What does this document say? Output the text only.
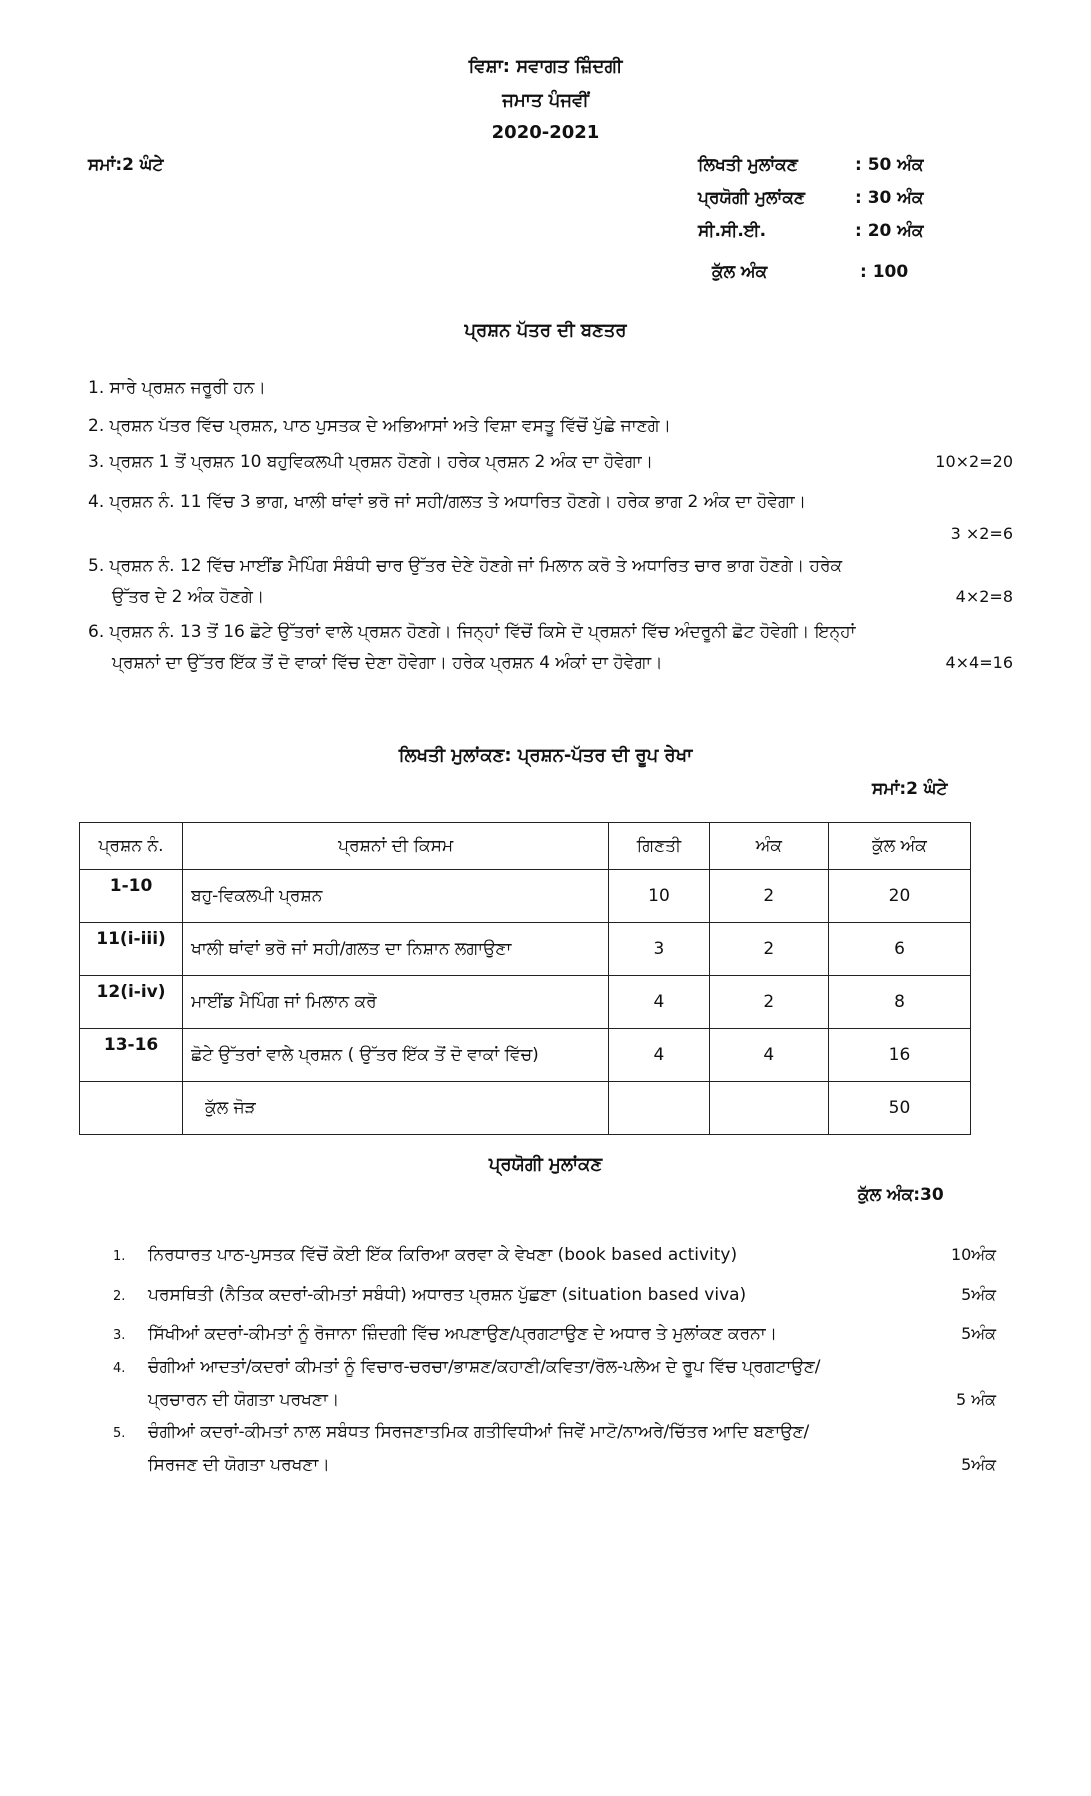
ਵਿਸ਼ਾ: ਸਵਾਗਤ ਜ਼ਿੰਦਗੀ
ਜਮਾਤ ਪੰਜਵੀਂ
2020-2021
ਸਮਾਂ:2 ਘੰਟੇ	ਲਿਖਤੀ ਮੁਲਾਂਕਣ	: 50 ਅੰਕ
ਪ੍ਰਯੋਗੀ ਮੁਲਾਂਕਣ	: 30 ਅੰਕ
ਸੀ.ਸੀ.ਈ.	: 20 ਅੰਕ
ਕੁੱਲ ਅੰਕ	: 100
ਪ੍ਰਸ਼ਨ ਪੱਤਰ ਦੀ ਬਣਤਰ
1. ਸਾਰੇ ਪ੍ਰਸ਼ਨ ਜਰੂਰੀ ਹਨ।
2. ਪ੍ਰਸ਼ਨ ਪੱਤਰ ਵਿੱਚ ਪ੍ਰਸ਼ਨ, ਪਾਠ ਪੁਸਤਕ ਦੇ ਅਭਿਆਸਾਂ ਅਤੇ ਵਿਸ਼ਾ ਵਸਤੂ ਵਿੱਚੋਂ ਪੁੱਛੇ ਜਾਣਗੇ।
3. ਪ੍ਰਸ਼ਨ 1 ਤੋਂ ਪ੍ਰਸ਼ਨ 10 ਬਹੁਵਿਕਲਪੀ ਪ੍ਰਸ਼ਨ ਹੋਣਗੇ। ਹਰੇਕ ਪ੍ਰਸ਼ਨ 2 ਅੰਕ ਦਾ ਹੋਵੇਗਾ।	10×2=20
4. ਪ੍ਰਸ਼ਨ ਨੰ. 11 ਵਿੱਚ 3 ਭਾਗ, ਖਾਲੀ ਥਾਂਵਾਂ ਭਰੋ ਜਾਂ ਸਹੀ/ਗਲਤ ਤੇ ਅਧਾਰਿਤ ਹੋਣਗੇ। ਹਰੇਕ ਭਾਗ 2 ਅੰਕ ਦਾ ਹੋਵੇਗਾ।
3 ×2=6
5. ਪ੍ਰਸ਼ਨ ਨੰ. 12 ਵਿੱਚ ਮਾਈਂਡ ਮੈਪਿੰਗ ਸੰਬੰਧੀ ਚਾਰ ਉੱਤਰ ਦੇਣੇ ਹੋਣਗੇ ਜਾਂ ਮਿਲਾਨ ਕਰੋ ਤੇ ਅਧਾਰਿਤ ਚਾਰ ਭਾਗ ਹੋਣਗੇ। ਹਰੇਕ
ਉੱਤਰ ਦੇ 2 ਅੰਕ ਹੋਣਗੇ।	4×2=8
6. ਪ੍ਰਸ਼ਨ ਨੰ. 13 ਤੋਂ 16 ਛੋਟੇ ਉੱਤਰਾਂ ਵਾਲੇ ਪ੍ਰਸ਼ਨ ਹੋਣਗੇ। ਜਿਨ੍ਹਾਂ ਵਿੱਚੋਂ ਕਿਸੇ ਦੋ ਪ੍ਰਸ਼ਨਾਂ ਵਿੱਚ ਅੰਦਰੂਨੀ ਛੋਟ ਹੋਵੇਗੀ। ਇਨ੍ਹਾਂ
ਪ੍ਰਸ਼ਨਾਂ ਦਾ ਉੱਤਰ ਇੱਕ ਤੋਂ ਦੋ ਵਾਕਾਂ ਵਿੱਚ ਦੇਣਾ ਹੋਵੇਗਾ। ਹਰੇਕ ਪ੍ਰਸ਼ਨ 4 ਅੰਕਾਂ ਦਾ ਹੋਵੇਗਾ।	4×4=16
ਲਿਖਤੀ ਮੁਲਾਂਕਣ: ਪ੍ਰਸ਼ਨ-ਪੱਤਰ ਦੀ ਰੂਪ ਰੇਖਾ
ਸਮਾਂ:2 ਘੰਟੇ
ਪ੍ਰਸ਼ਨ ਨੰ.	ਪ੍ਰਸ਼ਨਾਂ ਦੀ ਕਿਸਮ	ਗਿਣਤੀ	ਅੰਕ	ਕੁੱਲ ਅੰਕ
1-10	ਬਹੁ-ਵਿਕਲਪੀ ਪ੍ਰਸ਼ਨ	10	2	20
11(i-iii)	ਖਾਲੀ ਥਾਂਵਾਂ ਭਰੋ ਜਾਂ ਸਹੀ/ਗਲਤ ਦਾ ਨਿਸ਼ਾਨ ਲਗਾਉਣਾ	3	2	6
12(i-iv)	ਮਾਈਂਡ ਮੈਪਿੰਗ ਜਾਂ ਮਿਲਾਨ ਕਰੋ	4	2	8
13-16	ਛੋਟੇ ਉੱਤਰਾਂ ਵਾਲੇ ਪ੍ਰਸ਼ਨ ( ਉੱਤਰ ਇੱਕ ਤੋਂ ਦੋ ਵਾਕਾਂ ਵਿੱਚ)	4	4	16
	ਕੁੱਲ ਜੋੜ			50
ਪ੍ਰਯੋਗੀ ਮੁਲਾਂਕਣ
ਕੁੱਲ ਅੰਕ:30
1. ਨਿਰਧਾਰਤ ਪਾਠ-ਪੁਸਤਕ ਵਿੱਚੋਂ ਕੋਈ ਇੱਕ ਕਿਰਿਆ ਕਰਵਾ ਕੇ ਵੇਖਣਾ (book based activity)	10ਅੰਕ
2. ਪਰਸਥਿਤੀ (ਨੈਤਿਕ ਕਦਰਾਂ-ਕੀਮਤਾਂ ਸਬੰਧੀ) ਅਧਾਰਤ ਪ੍ਰਸ਼ਨ ਪੁੱਛਣਾ (situation based viva)	5ਅੰਕ
3. ਸਿੱਖੀਆਂ ਕਦਰਾਂ-ਕੀਮਤਾਂ ਨੂੰ ਰੋਜਾਨਾ ਜ਼ਿੰਦਗੀ ਵਿੱਚ ਅਪਣਾਉਣ/ਪ੍ਰਗਟਾਉਣ ਦੇ ਅਧਾਰ ਤੇ ਮੁਲਾਂਕਣ ਕਰਨਾ।	5ਅੰਕ
4. ਚੰਗੀਆਂ ਆਦਤਾਂ/ਕਦਰਾਂ ਕੀਮਤਾਂ ਨੂੰ ਵਿਚਾਰ-ਚਰਚਾ/ਭਾਸ਼ਣ/ਕਹਾਣੀ/ਕਵਿਤਾ/ਰੋਲ-ਪਲੇਅ ਦੇ ਰੂਪ ਵਿੱਚ ਪ੍ਰਗਟਾਉਣ/
ਪ੍ਰਚਾਰਨ ਦੀ ਯੋਗਤਾ ਪਰਖਣਾ।	5 ਅੰਕ
5. ਚੰਗੀਆਂ ਕਦਰਾਂ-ਕੀਮਤਾਂ ਨਾਲ ਸਬੰਧਤ ਸਿਰਜਣਾਤਮਿਕ ਗਤੀਵਿਧੀਆਂ ਜਿਵੇਂ ਮਾਟੋ/ਨਾਅਰੇ/ਚਿੱਤਰ ਆਦਿ ਬਣਾਉਣ/
ਸਿਰਜਣ ਦੀ ਯੋਗਤਾ ਪਰਖਣਾ।	5ਅੰਕ
